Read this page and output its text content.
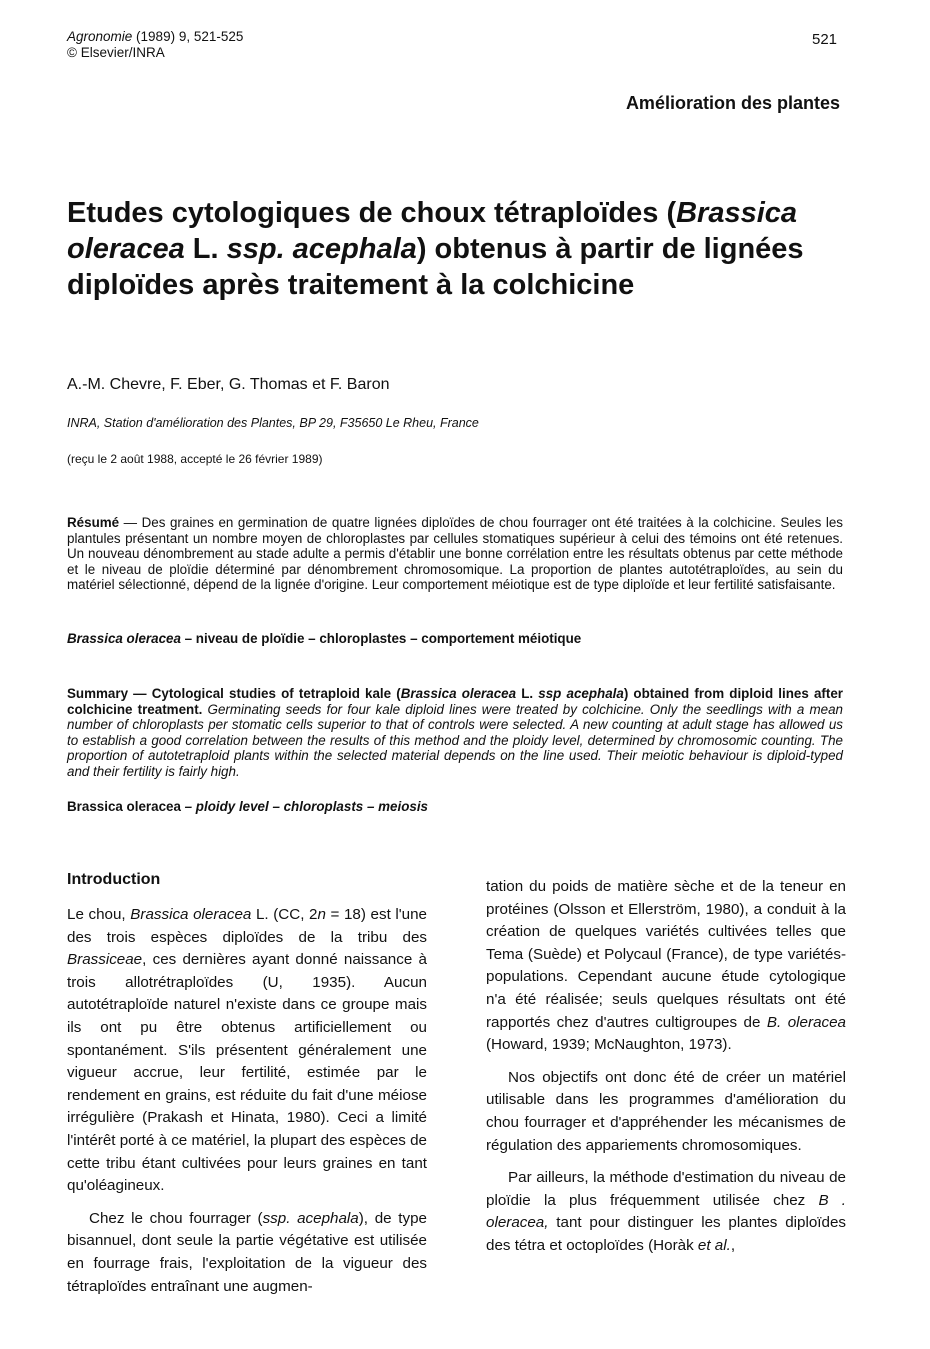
Agronomie (1989) 9, 521-525
© Elsevier/INRA
521
Amélioration des plantes
Etudes cytologiques de choux tétraploïdes (Brassica oleracea L. ssp. acephala) obtenus à partir de lignées diploïdes après traitement à la colchicine
A.-M. Chevre, F. Eber, G. Thomas et F. Baron
INRA, Station d'amélioration des Plantes, BP 29, F35650 Le Rheu, France
(reçu le 2 août 1988, accepté le 26 février 1989)
Résumé — Des graines en germination de quatre lignées diploïdes de chou fourrager ont été traitées à la colchicine. Seules les plantules présentant un nombre moyen de chloroplastes par cellules stomatiques supérieur à celui des témoins ont été retenues. Un nouveau dénombrement au stade adulte a permis d'établir une bonne corrélation entre les résultats obtenus par cette méthode et le niveau de ploïdie déterminé par dénombrement chromosomique. La proportion de plantes autotétraploïdes, au sein du matériel sélectionné, dépend de la lignée d'origine. Leur comportement méiotique est de type diploïde et leur fertilité satisfaisante.
Brassica oleracea – niveau de ploïdie – chloroplastes – comportement méiotique
Summary — Cytological studies of tetraploid kale (Brassica oleracea L. ssp acephala) obtained from diploid lines after colchicine treatment. Germinating seeds for four kale diploid lines were treated by colchicine. Only the seedlings with a mean number of chloroplasts per stomatic cells superior to that of controls were selected. A new counting at adult stage has allowed us to establish a good correlation between the results of this method and the ploidy level, determined by chromosomic counting. The proportion of autotetraploid plants within the selected material depends on the line used. Their meiotic behaviour is diploid-typed and their fertility is fairly high.
Brassica oleracea – ploidy level – chloroplasts – meiosis
Introduction

Le chou, Brassica oleracea L. (CC, 2n = 18) est l'une des trois espèces diploïdes de la tribu des Brassiceae, ces dernières ayant donné naissance à trois allotrétraploïdes (U, 1935). Aucun autotétraploïde naturel n'existe dans ce groupe mais ils ont pu être obtenus artificiellement ou spontanément. S'ils présentent généralement une vigueur accrue, leur fertilité, estimée par le rendement en grains, est réduite du fait d'une méiose irrégulière (Prakash et Hinata, 1980). Ceci a limité l'intérêt porté à ce matériel, la plupart des espèces de cette tribu étant cultivées pour leurs graines en tant qu'oléagineux.

Chez le chou fourrager (ssp. acephala), de type bisannuel, dont seule la partie végétative est utilisée en fourrage frais, l'exploitation de la vigueur des tétraploïdes entraînant une augmen-

tation du poids de matière sèche et de la teneur en protéines (Olsson et Ellerström, 1980), a conduit à la création de quelques variétés cultivées telles que Tema (Suède) et Polycaul (France), de type variétés-populations. Cependant aucune étude cytologique n'a été réalisée; seuls quelques résultats ont été rapportés chez d'autres cultigroupes de B. oleracea (Howard, 1939; McNaughton, 1973).

Nos objectifs ont donc été de créer un matériel utilisable dans les programmes d'amélioration du chou fourrager et d'appréhender les mécanismes de régulation des appariements chromosomiques.

Par ailleurs, la méthode d'estimation du niveau de ploïdie la plus fréquemment utilisée chez B . oleracea, tant pour distinguer les plantes diploïdes des tétra et octoploïdes (Horàk et al.,
